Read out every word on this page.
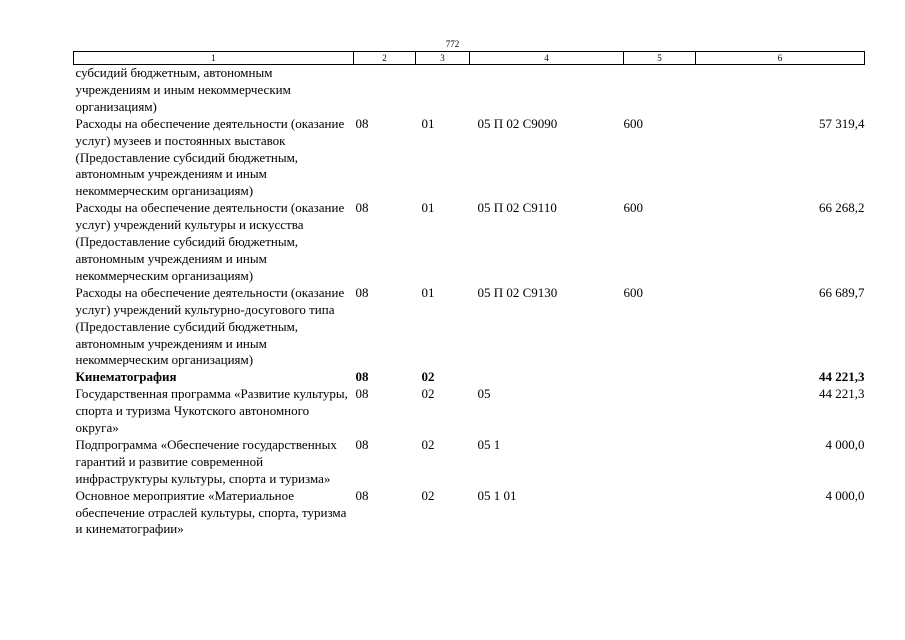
772
1	2	3	4	5	6
субсидий бюджетным, автономным учреждениям и иным некоммерческим организациям)					
Расходы на обеспечение деятельности (оказание услуг) музеев и постоянных выставок (Предоставление субсидий бюджетным, автономным учреждениям и иным некоммерческим организациям)	08	01	05 П 02 С9090	600	57 319,4
Расходы на обеспечение деятельности (оказание услуг) учреждений культуры и искусства (Предоставление субсидий бюджетным, автономным учреждениям и иным некоммерческим организациям)	08	01	05 П 02 С9110	600	66 268,2
Расходы на обеспечение деятельности (оказание услуг) учреждений культурно-досугового типа (Предоставление субсидий бюджетным, автономным учреждениям и иным некоммерческим организациям)	08	01	05 П 02 С9130	600	66 689,7
Кинематография	08	02			44 221,3
Государственная программа «Развитие культуры, спорта и туризма Чукотского автономного округа»	08	02	05		44 221,3
Подпрограмма «Обеспечение государственных гарантий и развитие современной инфраструктуры культуры, спорта и туризма»	08	02	05 1		4 000,0
Основное мероприятие «Материальное обеспечение отраслей культуры, спорта, туризма и кинематографии»	08	02	05 1 01		4 000,0
